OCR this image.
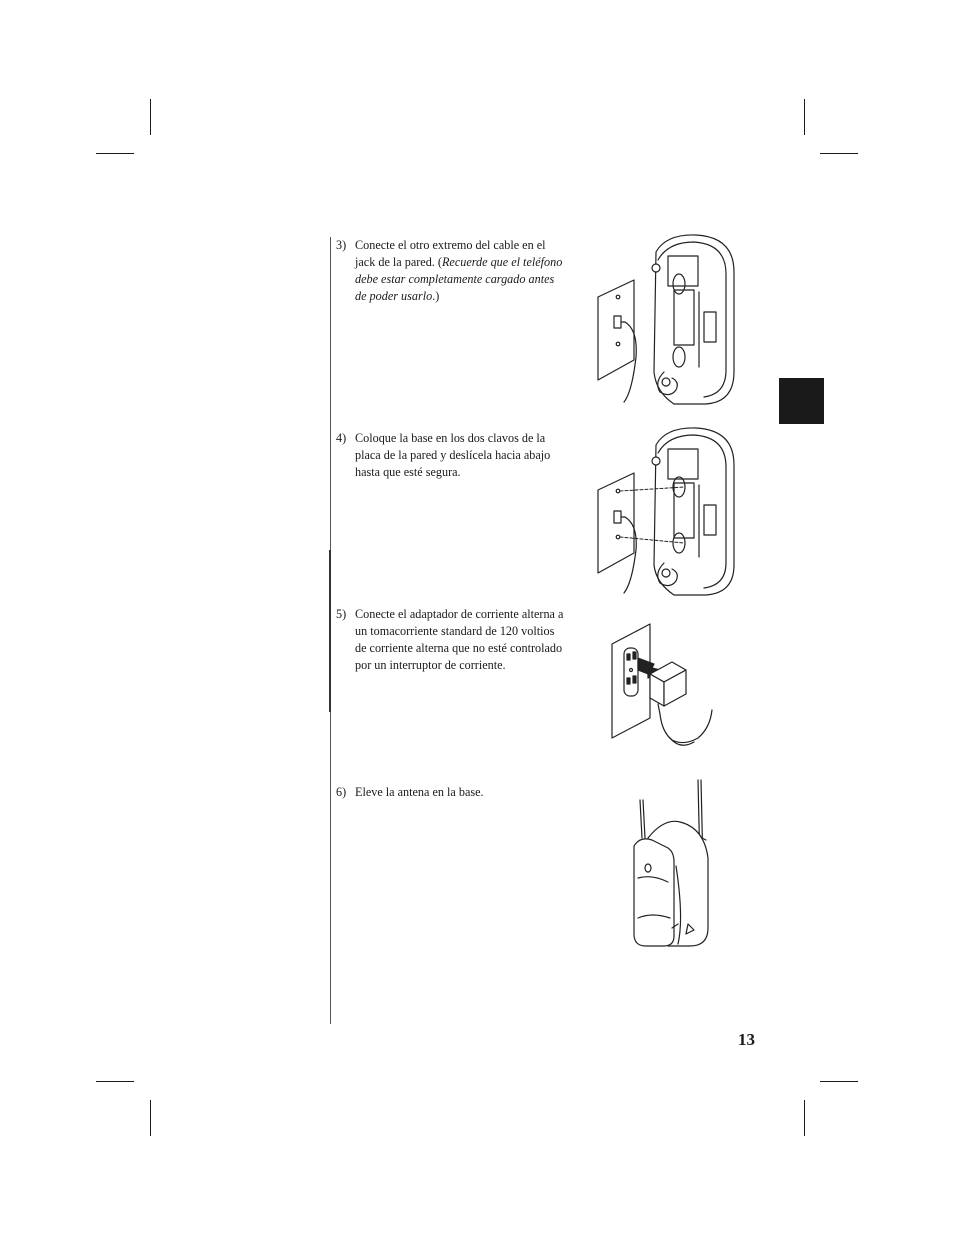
3) Conecte el otro extremo del cable en el jack de la pared. (Recuerde que el teléfono debe estar completamente cargado antes de poder usarlo.)
4) Coloque la base en los dos clavos de la placa de la pared y deslícela hacia abajo hasta que esté segura.
5) Conecte el adaptador de corriente alterna a un tomacorriente standard de 120 voltios de corriente alterna que no esté controlado por un interruptor de corriente.
6) Eleve la antena en la base.
13
